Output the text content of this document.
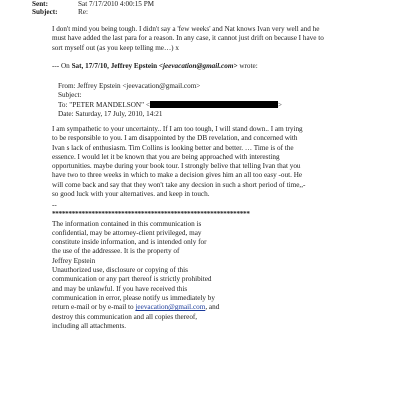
Sent:	Sat 7/17/2010 4:00:15 PM
Subject:	Re:
I don't mind you being tough. I didn't say a 'few weeks' and Nat knows Ivan very well and he
must have added the last para for a reason. In any case, it cannot just drift on because I have to
sort myself out (as you keep telling me…) x
--- On Sat, 17/7/10, Jeffrey Epstein <jeevacation@gmail.com> wrote:
From: Jeffrey Epstein <jeevacation@gmail.com>
Subject:
To: "PETER MANDELSON" <	>
Date: Saturday, 17 July, 2010, 14:21
I am sympathetic to your uncertainty.. If I am too tough, I will stand down.. I am trying
to be responsible to you. I am disappointed by the DB revelation, and concerned with
Ivan s lack of enthusiasm. Tim Collins is looking better and better. … Time is of the
essence. I would let it be known that you are being approached with interesting
opportunities. maybe during your book tour. I strongly belive that telling Ivan that you
have two to three weeks in which to make a decision gives him an all too easy -out. He
will come back and say that they won't take any decsion in such a short period of time,,-
so good luck with your alternatives. and keep in touch.
--
************************************************************
The information contained in this communication is
confidential, may be attorney-client privileged, may
constitute inside information, and is intended only for
the use of the addressee. It is the property of
Jeffrey Epstein
Unauthorized use, disclosure or copying of this
communication or any part thereof is strictly prohibited
and may be unlawful. If you have received this
communication in error, please notify us immediately by
return e-mail or by e-mail to jeevacation@gmail.com, and
destroy this communication and all copies thereof,
including all attachments.
